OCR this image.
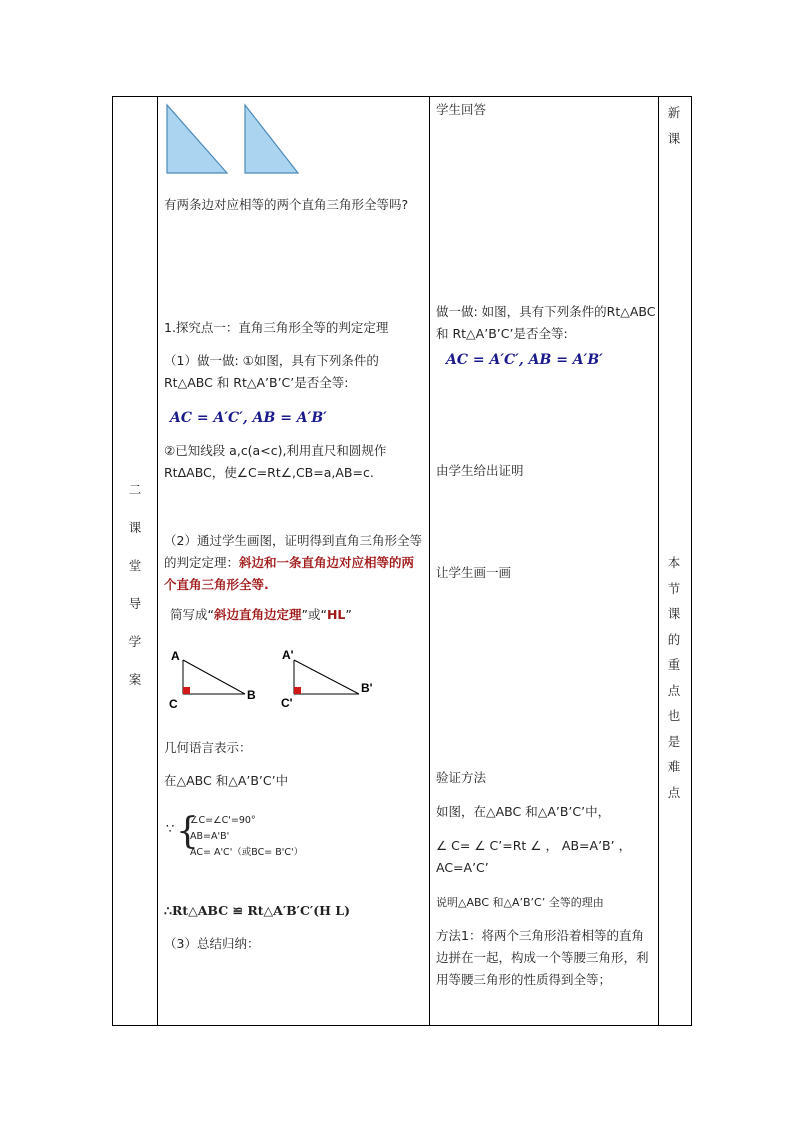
二
课
堂
导
学
案
新
课
本
节
课
的
重
点
也
是
难
点
有两条边对应相等的两个直角三角形全等吗?
1.探究点一：直角三角形全等的判定定理
（1）做一做: ①如图，具有下列条件的Rt△ABC 和 Rt△A’B’C’是否全等:
AC = A′C′, AB = A′B′
②已知线段 a,c(a<c),利用直尺和圆规作 RtΔABC，使∠C=Rt∠,CB=a,AB=c.
（2）通过学生画图，证明得到直角三角形全等的判定定理：斜边和一条直角边对应相等的两个直角三角形全等.
简写成“斜边直角边定理”或“HL”
A
B
C
A'
B'
C'
几何语言表示：
在△ABC 和△A’B’C’中
∵ {
∠C=∠C'=90°
AB=A'B'
AC= A'C'（或BC= B'C'）
∴Rt△ABC ≌ Rt△A′B′C′(H L)
（3）总结归纳：
学生回答
做一做: 如图，具有下列条件的Rt△ABC 和 Rt△A’B’C’是否全等:
AC = A′C′, AB = A′B′
由学生给出证明
让学生画一画
验证方法
如图，在△ABC 和△A’B’C’中，
∠ C= ∠ C’=Rt ∠ ， AB=A’B’ ， AC=A’C’
说明△ABC 和△A’B’C’ 全等的理由
方法1：将两个三角形沿着相等的直角边拼在一起，构成一个等腰三角形，利用等腰三角形的性质得到全等；
